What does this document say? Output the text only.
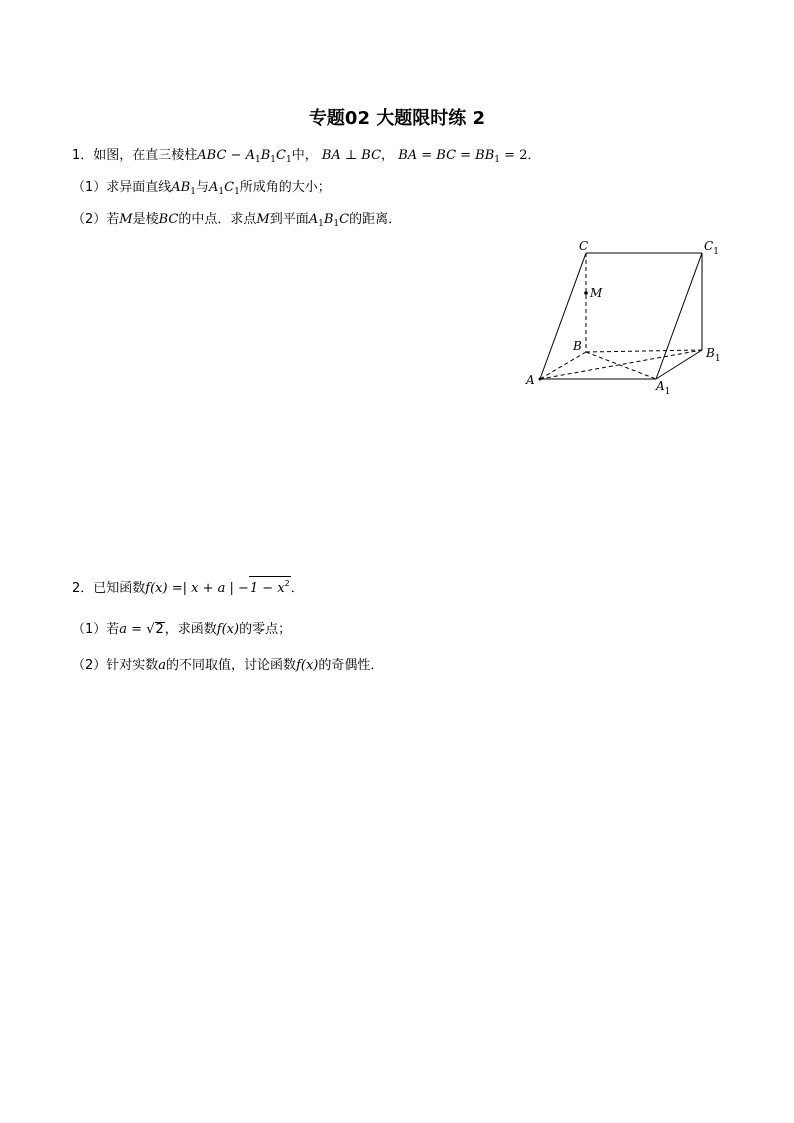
专题02 大题限时练 2
1．如图，在直三棱柱ABC − $A_1B_1C_1$中， BA ⊥ BC， BA = BC = $BB_1 = 2$．
（1）求异面直线$AB_1$与$A_1C_1$所成角的大小；
（2）若M是棱BC的中点．求点M到平面$A_1B_1C$的距离．
C	$C_1$
M
B	$B_1$
A	$A_1$
2．已知函数f(x) =| x + a | $-1 - x^2$．
（1）若a = √2，求函数f(x)的零点；
（2）针对实数a的不同取值，讨论函数f(x)的奇偶性．
